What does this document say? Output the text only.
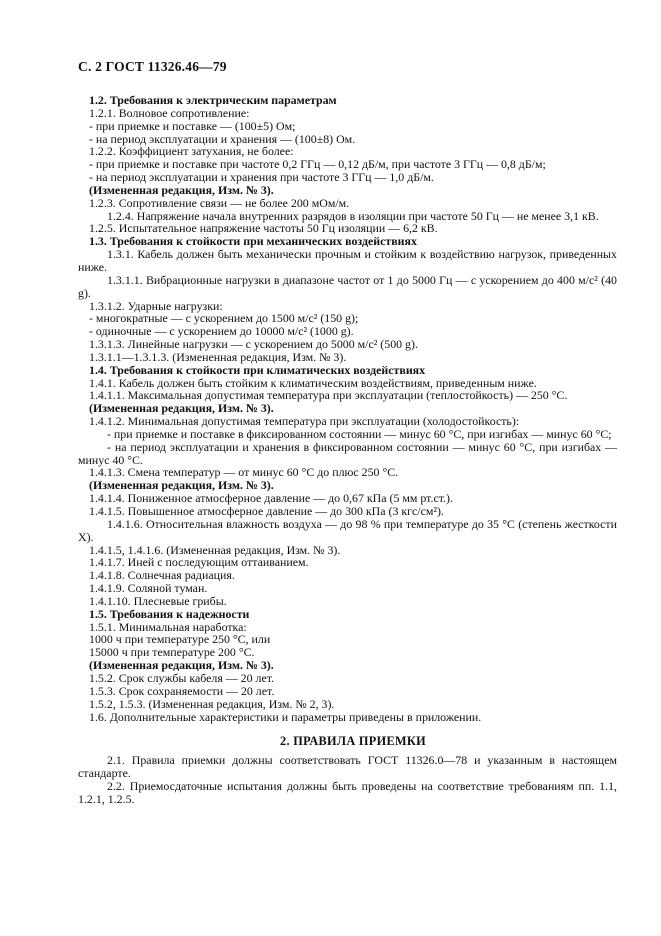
С. 2 ГОСТ 11326.46—79
1.2. Требования к электрическим параметрам
1.2.1. Волновое сопротивление:
- при приемке и поставке — (100±5) Ом;
- на период эксплуатации и хранения — (100±8) Ом.
1.2.2. Коэффициент затухания, не более:
- при приемке и поставке при частоте 0,2 ГГц — 0,12 дБ/м, при частоте 3 ГГц — 0,8 дБ/м;
- на период эксплуатации и хранения при частоте 3 ГГц — 1,0 дБ/м.
(Измененная редакция, Изм. № 3).
1.2.3. Сопротивление связи — не более 200 мОм/м.
1.2.4. Напряжение начала внутренних разрядов в изоляции при частоте 50 Гц — не менее 3,1 кВ.
1.2.5. Испытательное напряжение частоты 50 Гц изоляции — 6,2 кВ.
1.3. Требования к стойкости при механических воздействиях
1.3.1. Кабель должен быть механически прочным и стойким к воздействию нагрузок, приведенных ниже.
1.3.1.1. Вибрационные нагрузки в диапазоне частот от 1 до 5000 Гц — с ускорением до 400 м/с² (40 g).
1.3.1.2. Ударные нагрузки:
- многократные — с ускорением до 1500 м/с² (150 g);
- одиночные — с ускорением до 10000 м/с² (1000 g).
1.3.1.3. Линейные нагрузки — с ускорением до 5000 м/с² (500 g).
1.3.1.1—1.3.1.3. (Измененная редакция, Изм. № 3).
1.4. Требования к стойкости при климатических воздействиях
1.4.1. Кабель должен быть стойким к климатическим воздействиям, приведенным ниже.
1.4.1.1. Максимальная допустимая температура при эксплуатации (теплостойкость) — 250 °С.
(Измененная редакция, Изм. № 3).
1.4.1.2. Минимальная допустимая температура при эксплуатации (холодостойкость):
- при приемке и поставке в фиксированном состоянии — минус 60 °С, при изгибах — минус 60 °С;
- на период эксплуатации и хранения в фиксированном состоянии — минус 60 °С, при изгибах — минус 40 °С.
1.4.1.3. Смена температур — от минус 60 °С до плюс 250 °С.
(Измененная редакция, Изм. № 3).
1.4.1.4. Пониженное атмосферное давление — до 0,67 кПа (5 мм рт.ст.).
1.4.1.5. Повышенное атмосферное давление — до 300 кПа (3 кгс/см²).
1.4.1.6. Относительная влажность воздуха — до 98 % при температуре до 35 °С (степень жесткости X).
1.4.1.5, 1.4.1.6. (Измененная редакция, Изм. № 3).
1.4.1.7. Иней с последующим оттаиванием.
1.4.1.8. Солнечная радиация.
1.4.1.9. Соляной туман.
1.4.1.10. Плесневые грибы.
1.5. Требования к надежности
1.5.1. Минимальная наработка:
1000 ч при температуре 250 °С, или
15000 ч при температуре 200 °С.
(Измененная редакция, Изм. № 3).
1.5.2. Срок службы кабеля — 20 лет.
1.5.3. Срок сохраняемости — 20 лет.
1.5.2, 1.5.3. (Измененная редакция, Изм. № 2, 3).
1.6. Дополнительные характеристики и параметры приведены в приложении.
2. ПРАВИЛА ПРИЕМКИ
2.1. Правила приемки должны соответствовать ГОСТ 11326.0—78 и указанным в настоящем стандарте.
2.2. Приемосдаточные испытания должны быть проведены на соответствие требованиям пп. 1.1, 1.2.1, 1.2.5.
